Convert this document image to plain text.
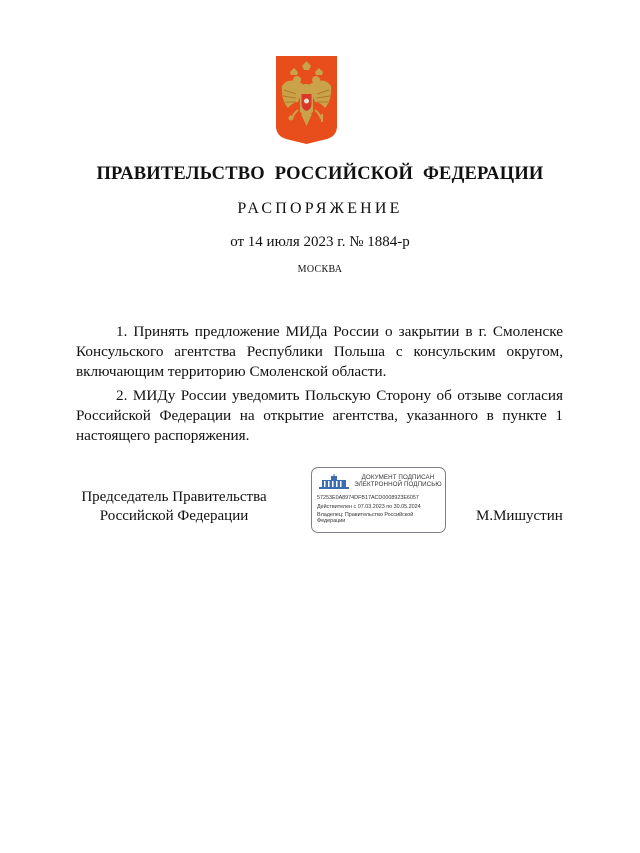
ПРАВИТЕЛЬСТВО РОССИЙСКОЙ ФЕДЕРАЦИИ
РАСПОРЯЖЕНИЕ
от 14 июля 2023 г. № 1884-р
МОСКВА

1. Принять предложение МИДа России о закрытии в г. Смоленске Консульского агентства Республики Польша с консульским округом, включающим территорию Смоленской области.

2. МИДу России уведомить Польскую Сторону об отзыве согласия Российской Федерации на открытие агентства, указанного в пункте 1 настоящего распоряжения.

Председатель Правительства
Российской Федерации
ДОКУМЕНТ ПОДПИСАН
ЭЛЕКТРОННОЙ ПОДПИСЬЮ
57253E0A8974DFB17ACD0008923E6057
Действителен с 07.03.2023 по 30.05.2024
Владелец: Правительство Российской
Федерации	М.Мишустин
